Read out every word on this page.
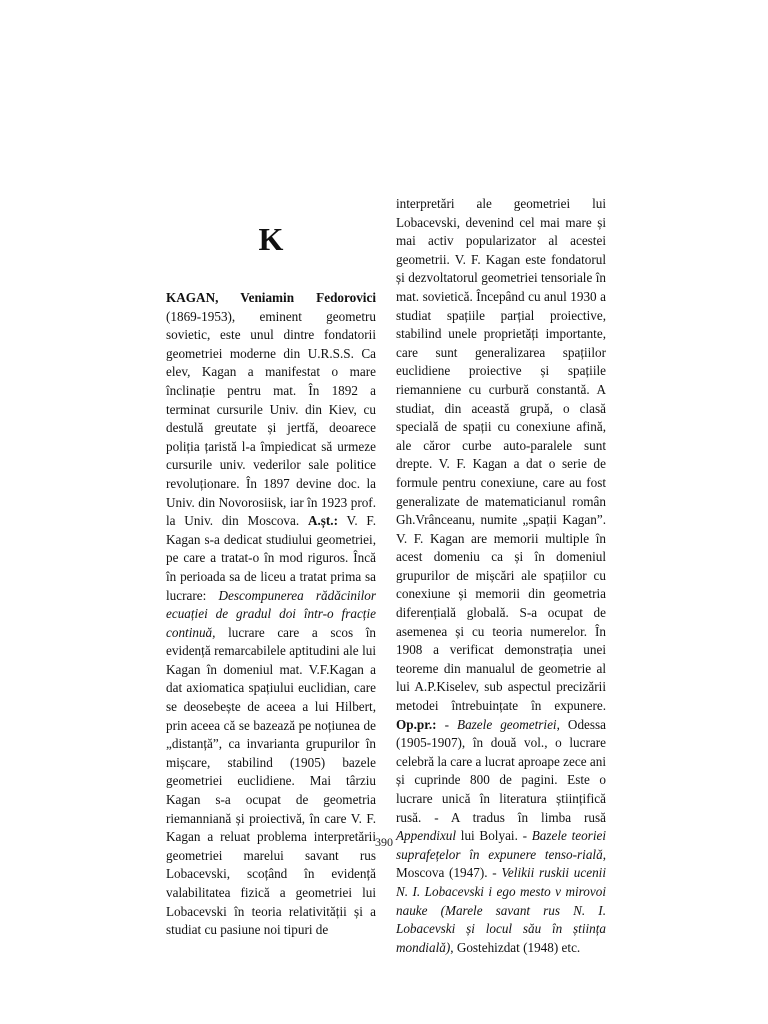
K
KAGAN, Veniamin Fedorovici (1869-1953), eminent geometru sovietic, este unul dintre fondatorii geometriei moderne din U.R.S.S. Ca elev, Kagan a manifestat o mare înclinație pentru mat. În 1892 a terminat cursurile Univ. din Kiev, cu destulă greutate și jertfă, deoarece poliția țaristă l-a împiedicat să urmeze cursurile univ. vederilor sale politice revoluționare. În 1897 devine doc. la Univ. din Novorosiisk, iar în 1923 prof. la Univ. din Moscova. A.șt.: V. F. Kagan s-a dedicat studiului geometriei, pe care a tratat-o în mod riguros. Încă în perioada sa de liceu a tratat prima sa lucrare: Descompunerea rădăcinilor ecuației de gradul doi într-o fracție continuă, lucrare care a scos în evidență remarcabilele aptitudini ale lui Kagan în domeniul mat. V.F.Kagan a dat axiomatica spațiului euclidian, care se deosebește de aceea a lui Hilbert, prin aceea că se bazează pe noțiunea de „distanță”, ca invarianta grupurilor în mișcare, stabilind (1905) bazele geometriei euclidiene. Mai târziu Kagan s-a ocupat de geometria riemanniană și proiectivă, în care V. F. Kagan a reluat problema interpretării geometriei marelui savant rus Lobacevski, scoțând în evidență valabilitatea fizică a geometriei lui Lobacevski în teoria relativității și a studiat cu pasiune noi tipuri de
interpretări ale geometriei lui Lobacevski, devenind cel mai mare și mai activ popularizator al acestei geometrii. V. F. Kagan este fondatorul și dezvoltatorul geometriei tensoriale în mat. sovietică. Începând cu anul 1930 a studiat spațiile parțial proiective, stabilind unele proprietăți importante, care sunt generalizarea spațiilor euclidiene proiective și spațiile riemanniene cu curbură constantă. A studiat, din această grupă, o clasă specială de spații cu conexiune afină, ale căror curbe auto-paralele sunt drepte. V. F. Kagan a dat o serie de formule pentru conexiune, care au fost generalizate de matematicianul român Gh.Vrânceanu, numite „spații Kagan”. V. F. Kagan are memorii multiple în acest domeniu ca și în domeniul grupurilor de mișcări ale spațiilor cu conexiune și memorii din geometria diferențială globală. S-a ocupat de asemenea și cu teoria numerelor. În 1908 a verificat demonstrația unei teoreme din manualul de geometrie al lui A.P.Kiselev, sub aspectul precizării metodei întrebuințate în expunere. Op.pr.: - Bazele geometriei, Odessa (1905-1907), în două vol., o lucrare celebră la care a lucrat aproape zece ani și cuprinde 800 de pagini. Este o lucrare unică în literatura științifică rusă. - A tradus în limba rusă Appendixul lui Bolyai. - Bazele teoriei suprafețelor în expunere tenso-rială, Moscova (1947). - Velikii ruskii ucenii N. I. Lobacevski i ego mesto v mirovoi nauke (Marele savant rus N. I. Lobacevski și locul său în știința mondială), Gostehizdat (1948) etc.
390
